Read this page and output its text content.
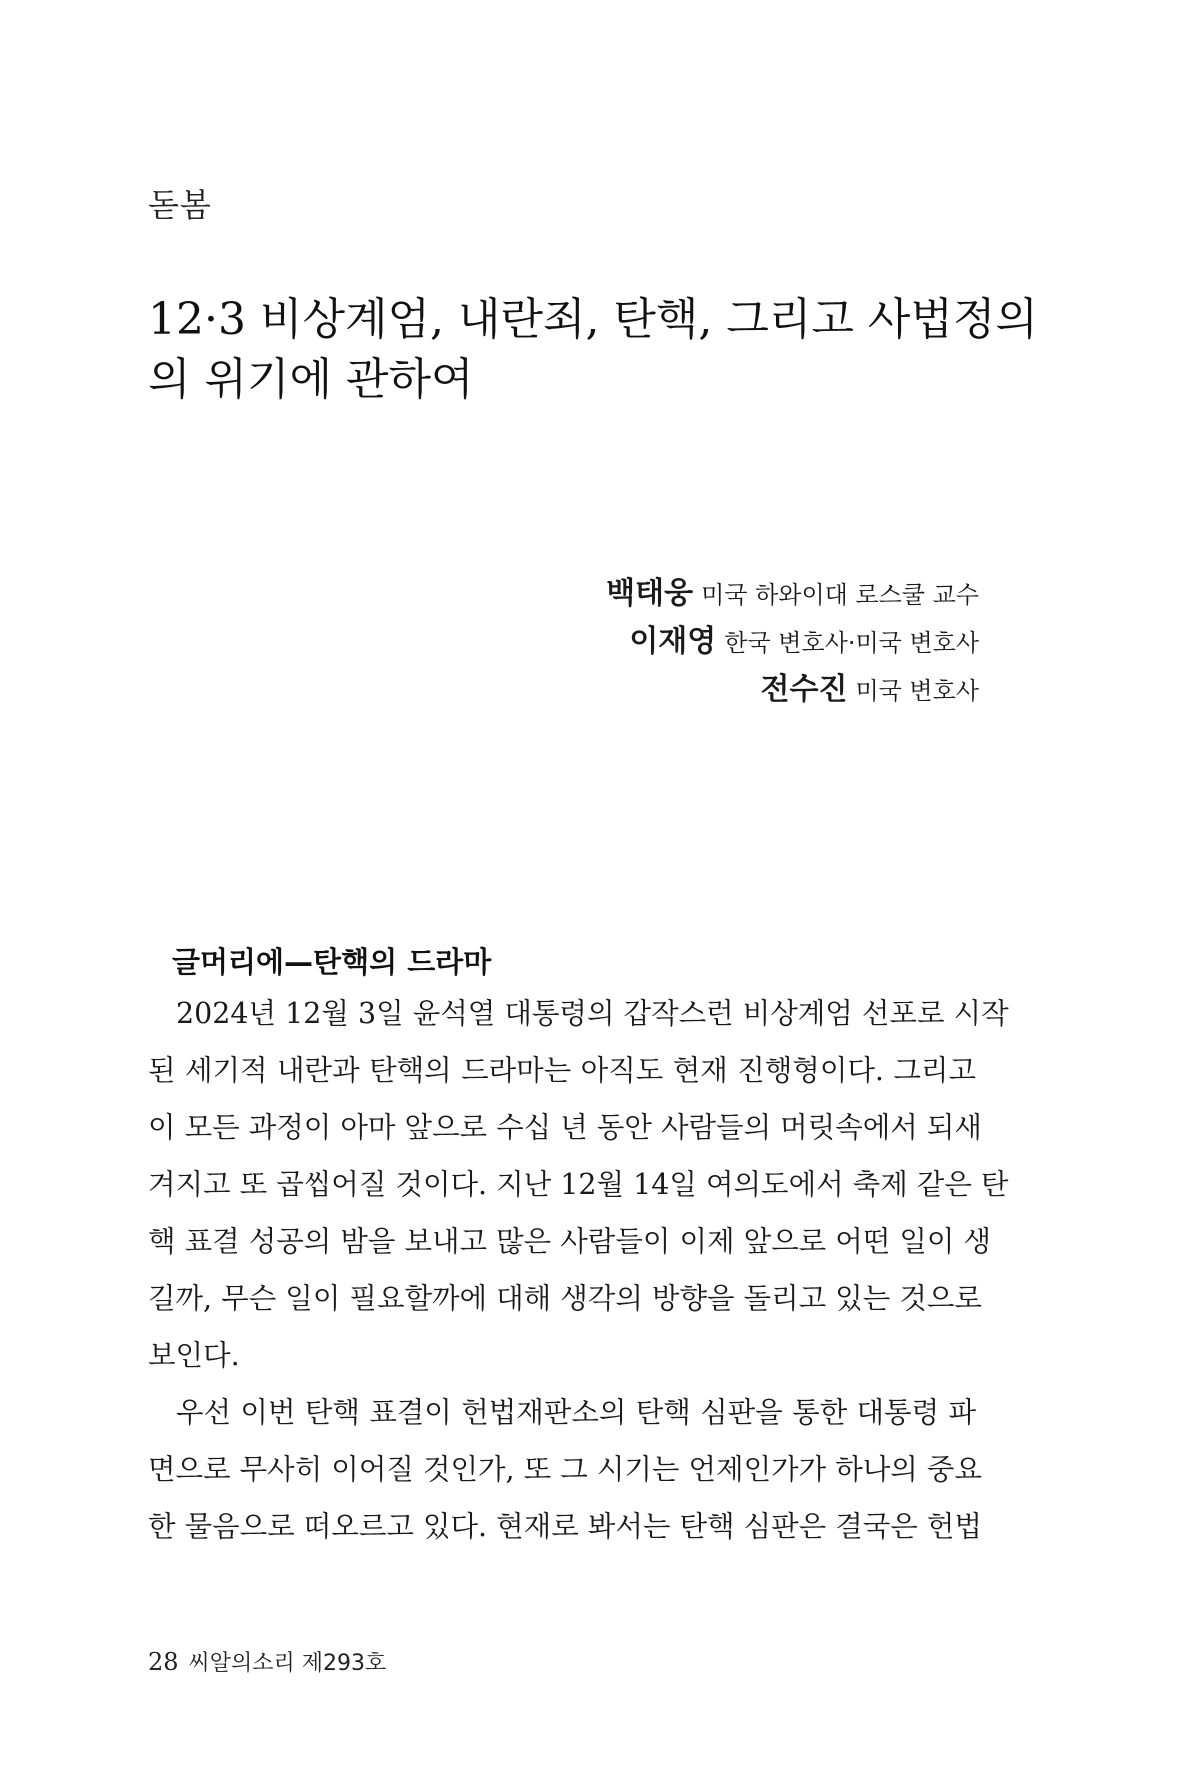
돋봄
12·3 비상계엄, 내란죄, 탄핵, 그리고 사법정의
의 위기에 관하여
백태웅 미국 하와이대 로스쿨 교수
이재영 한국 변호사·미국 변호사
전수진 미국 변호사
글머리에—탄핵의 드라마
2024년 12월 3일 윤석열 대통령의 갑작스런 비상계엄 선포로 시작
된 세기적 내란과 탄핵의 드라마는 아직도 현재 진행형이다. 그리고
이 모든 과정이 아마 앞으로 수십 년 동안 사람들의 머릿속에서 되새
겨지고 또 곱씹어질 것이다. 지난 12월 14일 여의도에서 축제 같은 탄
핵 표결 성공의 밤을 보내고 많은 사람들이 이제 앞으로 어떤 일이 생
길까, 무슨 일이 필요할까에 대해 생각의 방향을 돌리고 있는 것으로
보인다.
우선 이번 탄핵 표결이 헌법재판소의 탄핵 심판을 통한 대통령 파
면으로 무사히 이어질 것인가, 또 그 시기는 언제인가가 하나의 중요
한 물음으로 떠오르고 있다. 현재로 봐서는 탄핵 심판은 결국은 헌법
28 씨알의소리 제293호
